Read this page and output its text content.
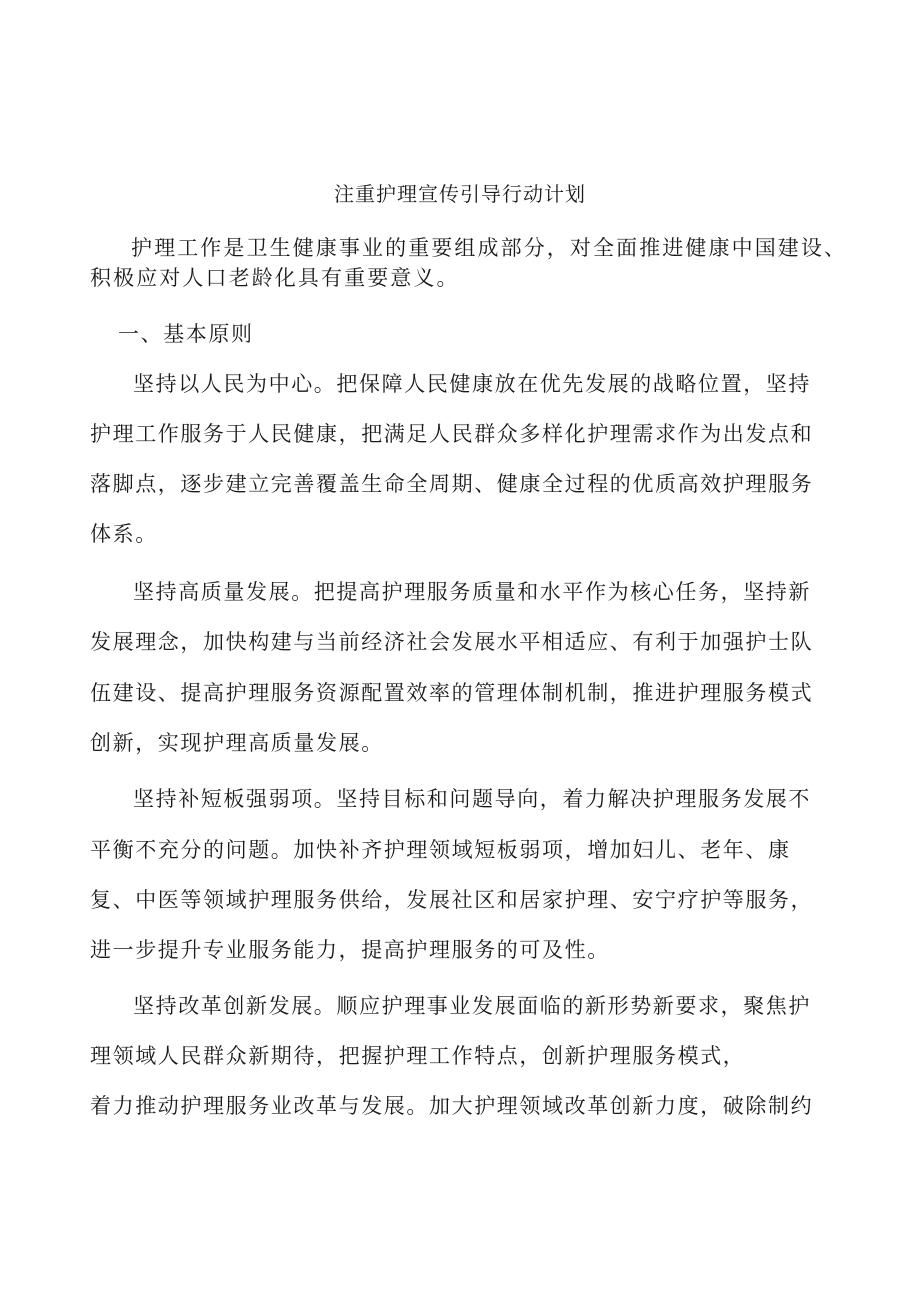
注重护理宣传引导行动计划
护理工作是卫生健康事业的重要组成部分，对全面推进健康中国建设、
积极应对人口老龄化具有重要意义。
一、基本原则
坚持以人民为中心。把保障人民健康放在优先发展的战略位置，坚持
护理工作服务于人民健康，把满足人民群众多样化护理需求作为出发点和
落脚点，逐步建立完善覆盖生命全周期、健康全过程的优质高效护理服务
体系。
坚持高质量发展。把提高护理服务质量和水平作为核心任务，坚持新
发展理念，加快构建与当前经济社会发展水平相适应、有利于加强护士队
伍建设、提高护理服务资源配置效率的管理体制机制，推进护理服务模式
创新，实现护理高质量发展。
坚持补短板强弱项。坚持目标和问题导向，着力解决护理服务发展不
平衡不充分的问题。加快补齐护理领域短板弱项，增加妇儿、老年、康
复、中医等领域护理服务供给，发展社区和居家护理、安宁疗护等服务，
进一步提升专业服务能力，提高护理服务的可及性。
坚持改革创新发展。顺应护理事业发展面临的新形势新要求，聚焦护
理领域人民群众新期待，把握护理工作特点，创新护理服务模式，
着力推动护理服务业改革与发展。加大护理领域改革创新力度，破除制约
